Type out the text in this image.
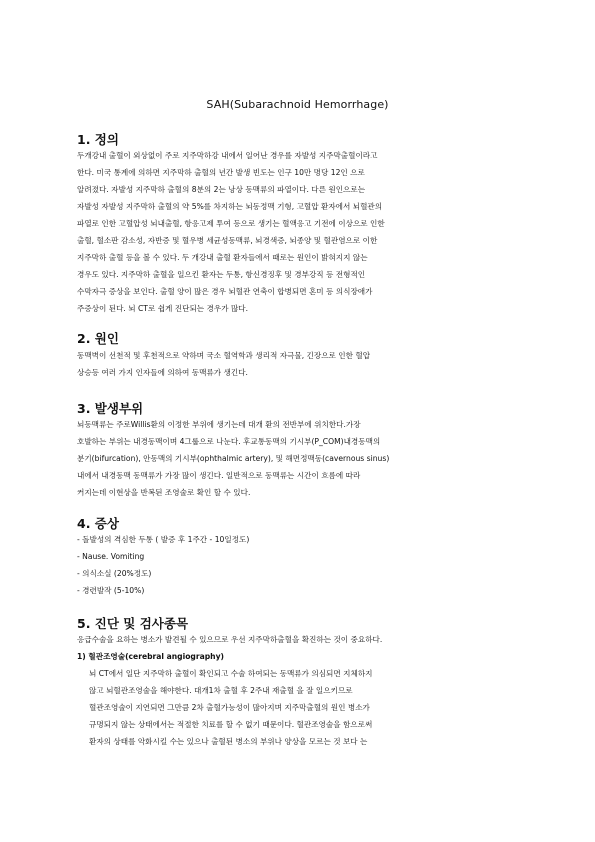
SAH(Subarachnoid Hemorrhage)
1. 정의
두개강내 출혈이 외상없이 주로 지주막하강 내에서 일어난 경우를 자발성 지주막출혈이라고
한다. 미국 통계에 의하면 지주막하 출혈의 년간 발생 빈도는 인구 10만 명당 12인 으로
알려졌다. 자발성 지주막하 출혈의 8분의 2는 낭상 동맥류의 파열이다. 다른 원인으로는
자발성 자발성 지주막하 출혈의 약 5%를 차지하는 뇌동정맥 기형, 고혈압 환자에서 뇌혈관의
파열로 인한 고혈압성 뇌내출혈, 항응고제 투여 등으로 생기는 혈액응고 기전에 이상으로 인한
출혈, 혈소판 감소성, 자반증 및 혈우병 세균성동맥류, 뇌경색증, 뇌종양 및 혈관염으로 이한
지주막하 출혈 등을 볼 수 있다. 두 개강내 출혈 환자들에서 때로는 원인이 밝혀지지 않는
경우도 있다. 지주막하 출혈을 일으킨 환자는 두통, 항신경징후 및 경부강직 등 전형적인
수막자극 증상을 보인다. 출혈 양이 많은 경우 뇌혈관 연축이 합병되면 혼미 등 의식장애가
주증상이 된다. 뇌 CT로 쉽게 진단되는 경우가 많다.
2. 원인
동맥벽이 선천적 및 후천적으로 약하며 국소 혈역학과 생리적 자극물, 긴장으로 인한 혈압
상승등 여러 가지 인자들에 의하여 동맥류가 생긴다.
3. 발생부위
뇌동맥류는 주로Willis환의 이정한 부위에 생기는데 대개 환의 전반부에 위치한다.가장
호발하는 부위는 내경동맥이며 4그룹으로 나눈다. 후교통동맥의 기시부(P_COM)내경동맥의
분기(bifurcation), 안동맥의 기시부(ophthalmic artery), 및 해면정맥동(cavernous sinus)
내에서 내경동맥 동맥류가 가장 많이 생긴다. 일반적으로 동맥류는 시간이 흐름에 따라
커지는데 이현상을 반복된 조영술로 확인 할 수 있다.
4. 증상
- 돌발성의 격심한 두통 ( 발증 후 1주간 - 10일정도)
- Nause. Vomiting
- 의식소실 (20%정도)
- 경련발작 (5-10%)
5. 진단 및 검사종목
응급수술을 요하는 병소가 발견될 수 있으므로 우선 지주막하출혈을 확진하는 것이 중요하다.
1) 혈관조영술(cerebral angiography)
뇌 CT에서 일단 지주막하 출혈이 확인되고 수술 하여되는 동맥류가 의심되면 지체하지
않고 뇌혈관조영술을 해야한다. 대개1차 출혈 후 2주내 재출혈 을 잘 일으키므로
혈관조영술이 지연되면 그만큼 2차 출혈가능성이 많아지며 지주막출혈의 원인 병소가
규명되지 않는 상태에서는 적절한 치료를 할 수 없기 때문이다. 혈관조영술을 함으로써
환자의 상태를 악화시킬 수는 있으나 출혈된 병소의 부위나 양상을 모르는 것 보다 는
